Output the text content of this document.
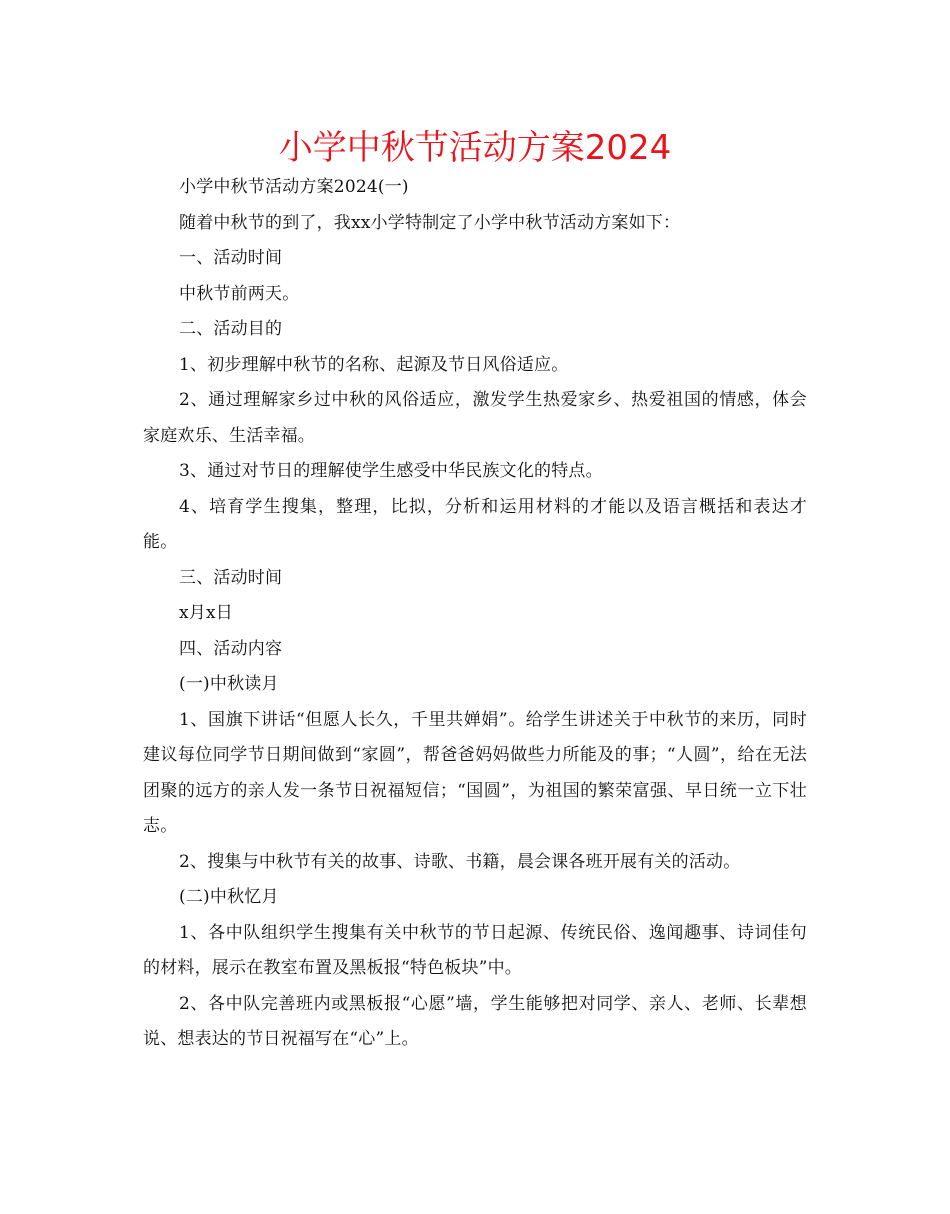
小学中秋节活动方案2024

小学中秋节活动方案2024(一)

随着中秋节的到了，我xx小学特制定了小学中秋节活动方案如下：

一、活动时间

中秋节前两天。

二、活动目的

1、初步理解中秋节的名称、起源及节日风俗适应。

2、通过理解家乡过中秋的风俗适应，激发学生热爱家乡、热爱祖国的情感，体会家庭欢乐、生活幸福。

3、通过对节日的理解使学生感受中华民族文化的特点。

4、培育学生搜集，整理，比拟，分析和运用材料的才能以及语言概括和表达才能。

三、活动时间

x月x日

四、活动内容

(一)中秋读月

1、国旗下讲话“但愿人长久，千里共婵娟”。给学生讲述关于中秋节的来历，同时建议每位同学节日期间做到“家圆”，帮爸爸妈妈做些力所能及的事；“人圆”，给在无法团聚的远方的亲人发一条节日祝福短信；“国圆”，为祖国的繁荣富强、早日统一立下壮志。

2、搜集与中秋节有关的故事、诗歌、书籍，晨会课各班开展有关的活动。

(二)中秋忆月

1、各中队组织学生搜集有关中秋节的节日起源、传统民俗、逸闻趣事、诗词佳句的材料，展示在教室布置及黑板报“特色板块”中。

2、各中队完善班内或黑板报“心愿”墙，学生能够把对同学、亲人、老师、长辈想说、想表达的节日祝福写在“心”上。
